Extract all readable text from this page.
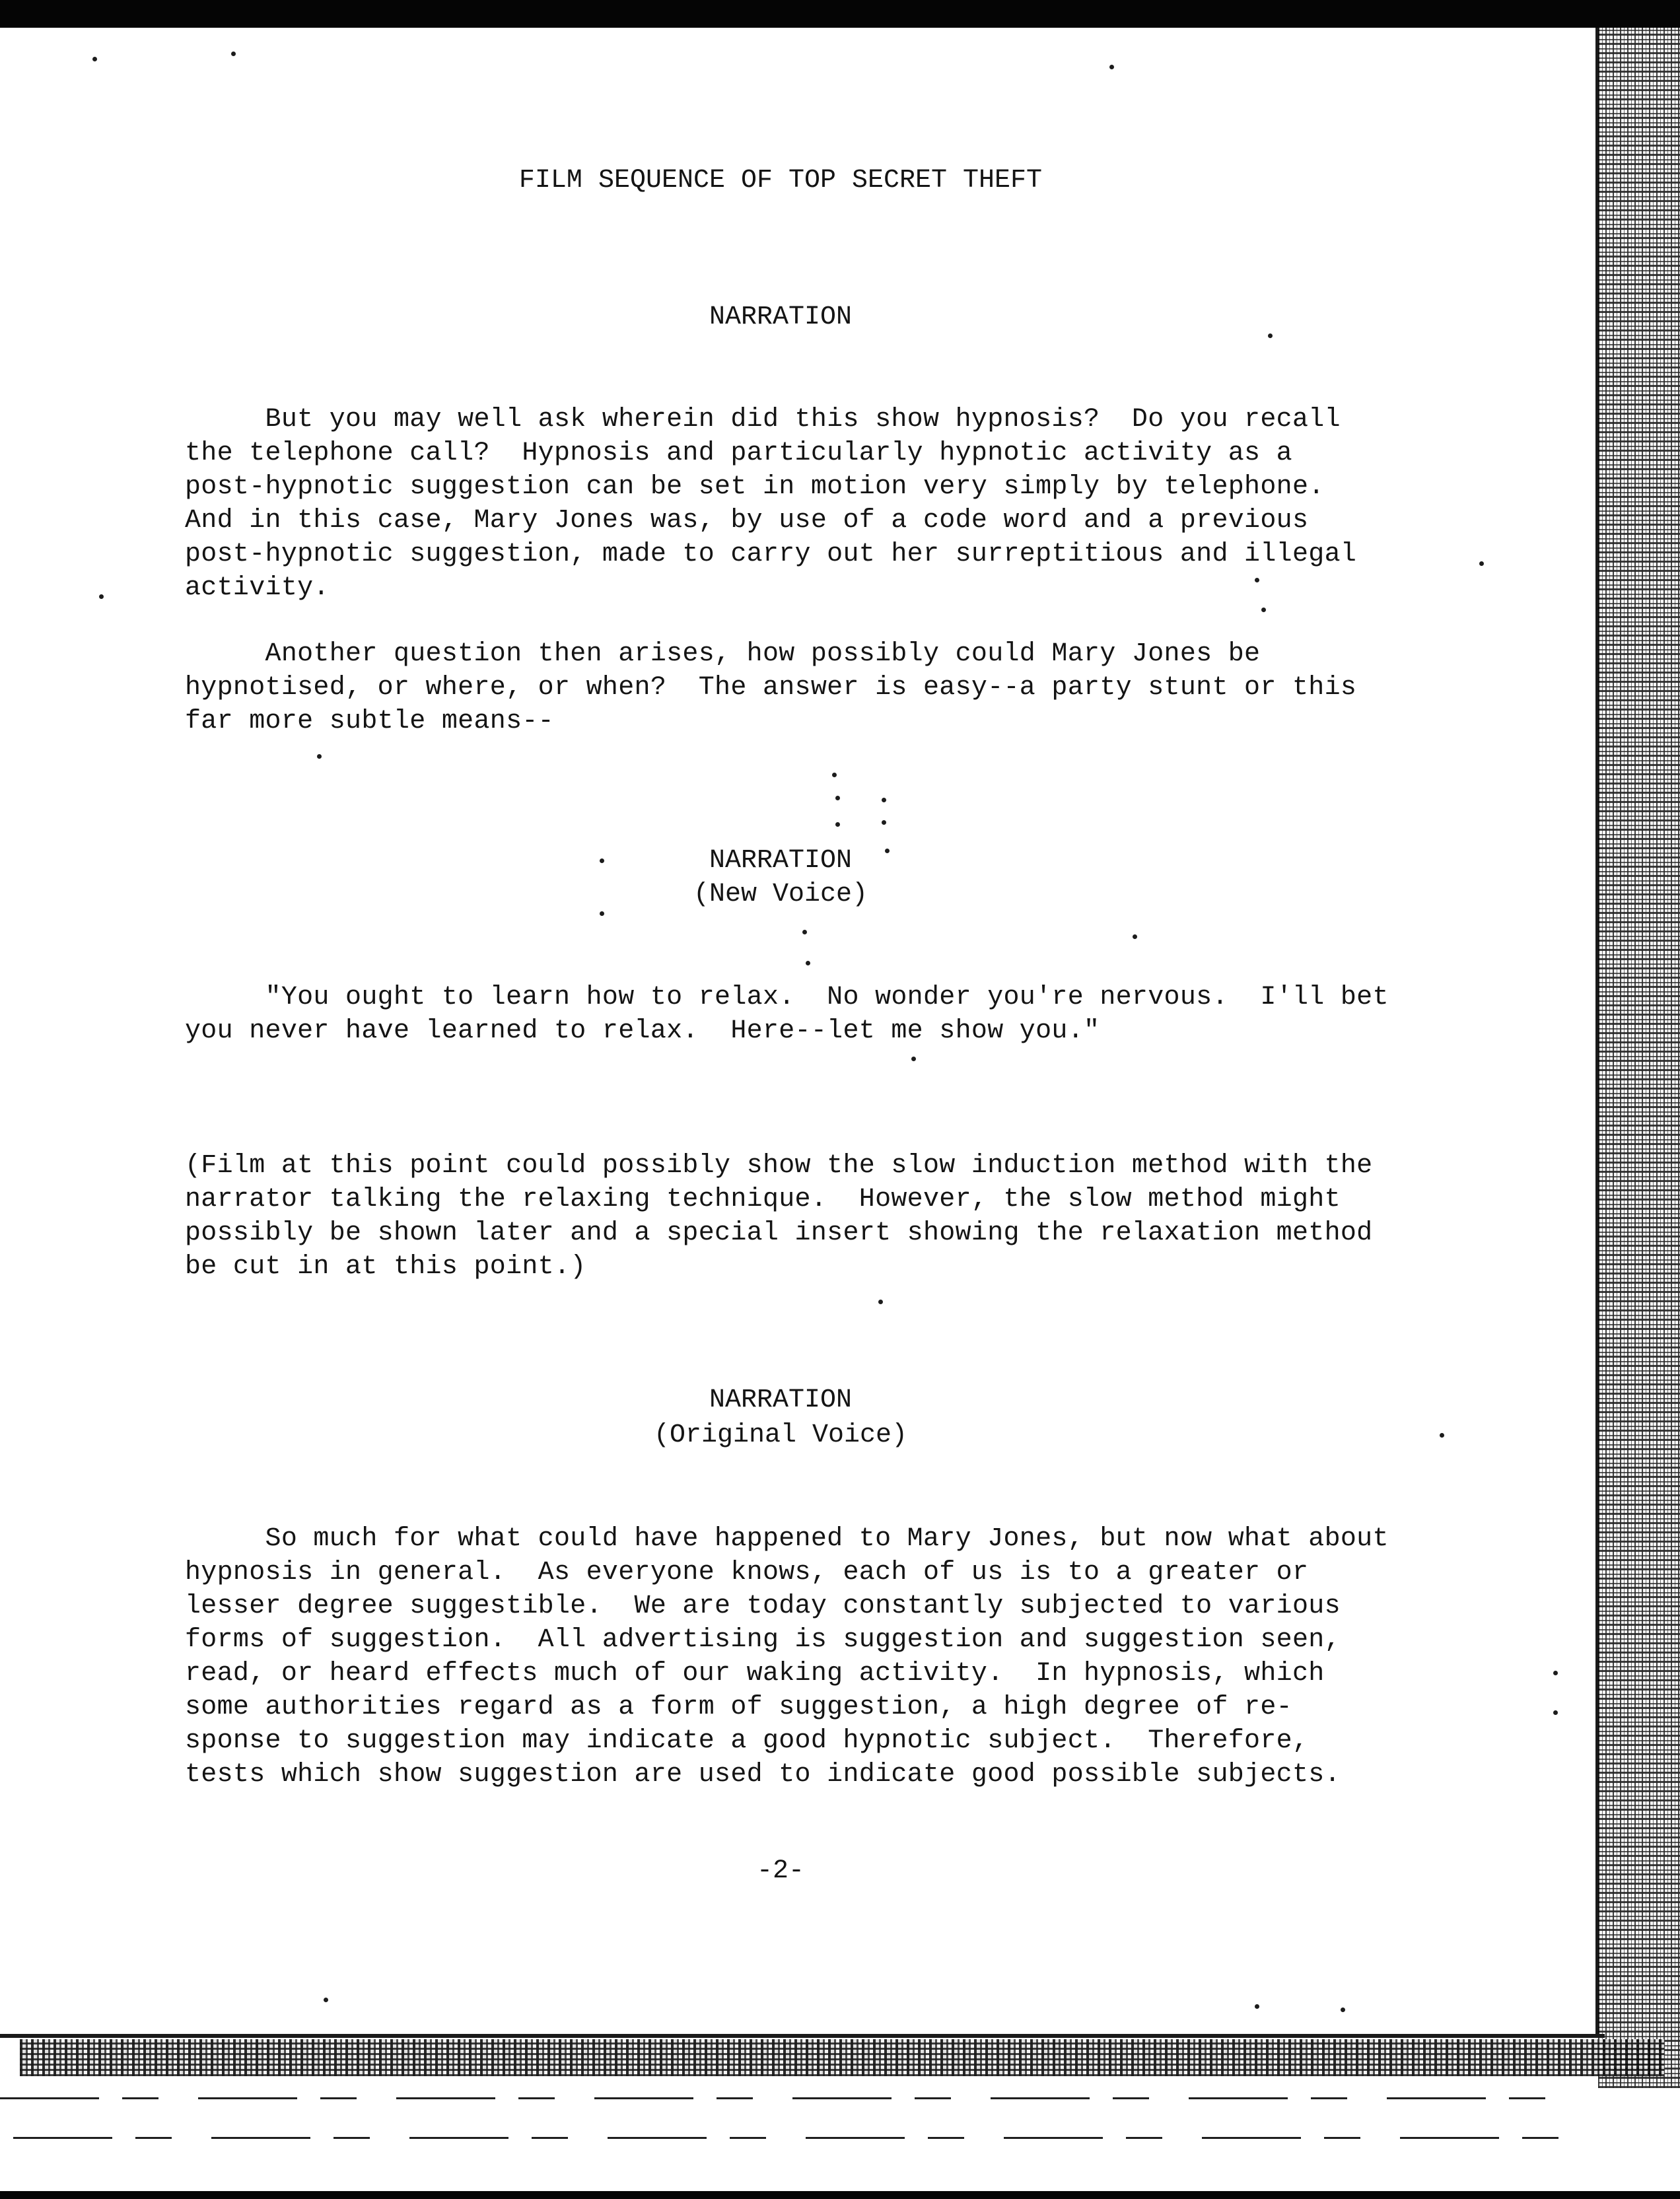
FILM SEQUENCE OF TOP SECRET THEFT
NARRATION

But you may well ask wherein did this show hypnosis?  Do you recall
the telephone call?  Hypnosis and particularly hypnotic activity as a
post-hypnotic suggestion can be set in motion very simply by telephone.
And in this case, Mary Jones was, by use of a code word and a previous
post-hypnotic suggestion, made to carry out her surreptitious and illegal
activity.

Another question then arises, how possibly could Mary Jones be
hypnotised, or where, or when?  The answer is easy--a party stunt or this
far more subtle means--

NARRATION

(New Voice)

"You ought to learn how to relax.  No wonder you're nervous.  I'll bet
you never have learned to relax.  Here--let me show you."

(Film at this point could possibly show the slow induction method with the
narrator talking the relaxing technique.  However, the slow method might
possibly be shown later and a special insert showing the relaxation method
be cut in at this point.)

NARRATION

(Original Voice)

So much for what could have happened to Mary Jones, but now what about
hypnosis in general.  As everyone knows, each of us is to a greater or
lesser degree suggestible.  We are today constantly subjected to various
forms of suggestion.  All advertising is suggestion and suggestion seen,
read, or heard effects much of our waking activity.  In hypnosis, which
some authorities regard as a form of suggestion, a high degree of re-
sponse to suggestion may indicate a good hypnotic subject.  Therefore,
tests which show suggestion are used to indicate good possible subjects.

-2-
